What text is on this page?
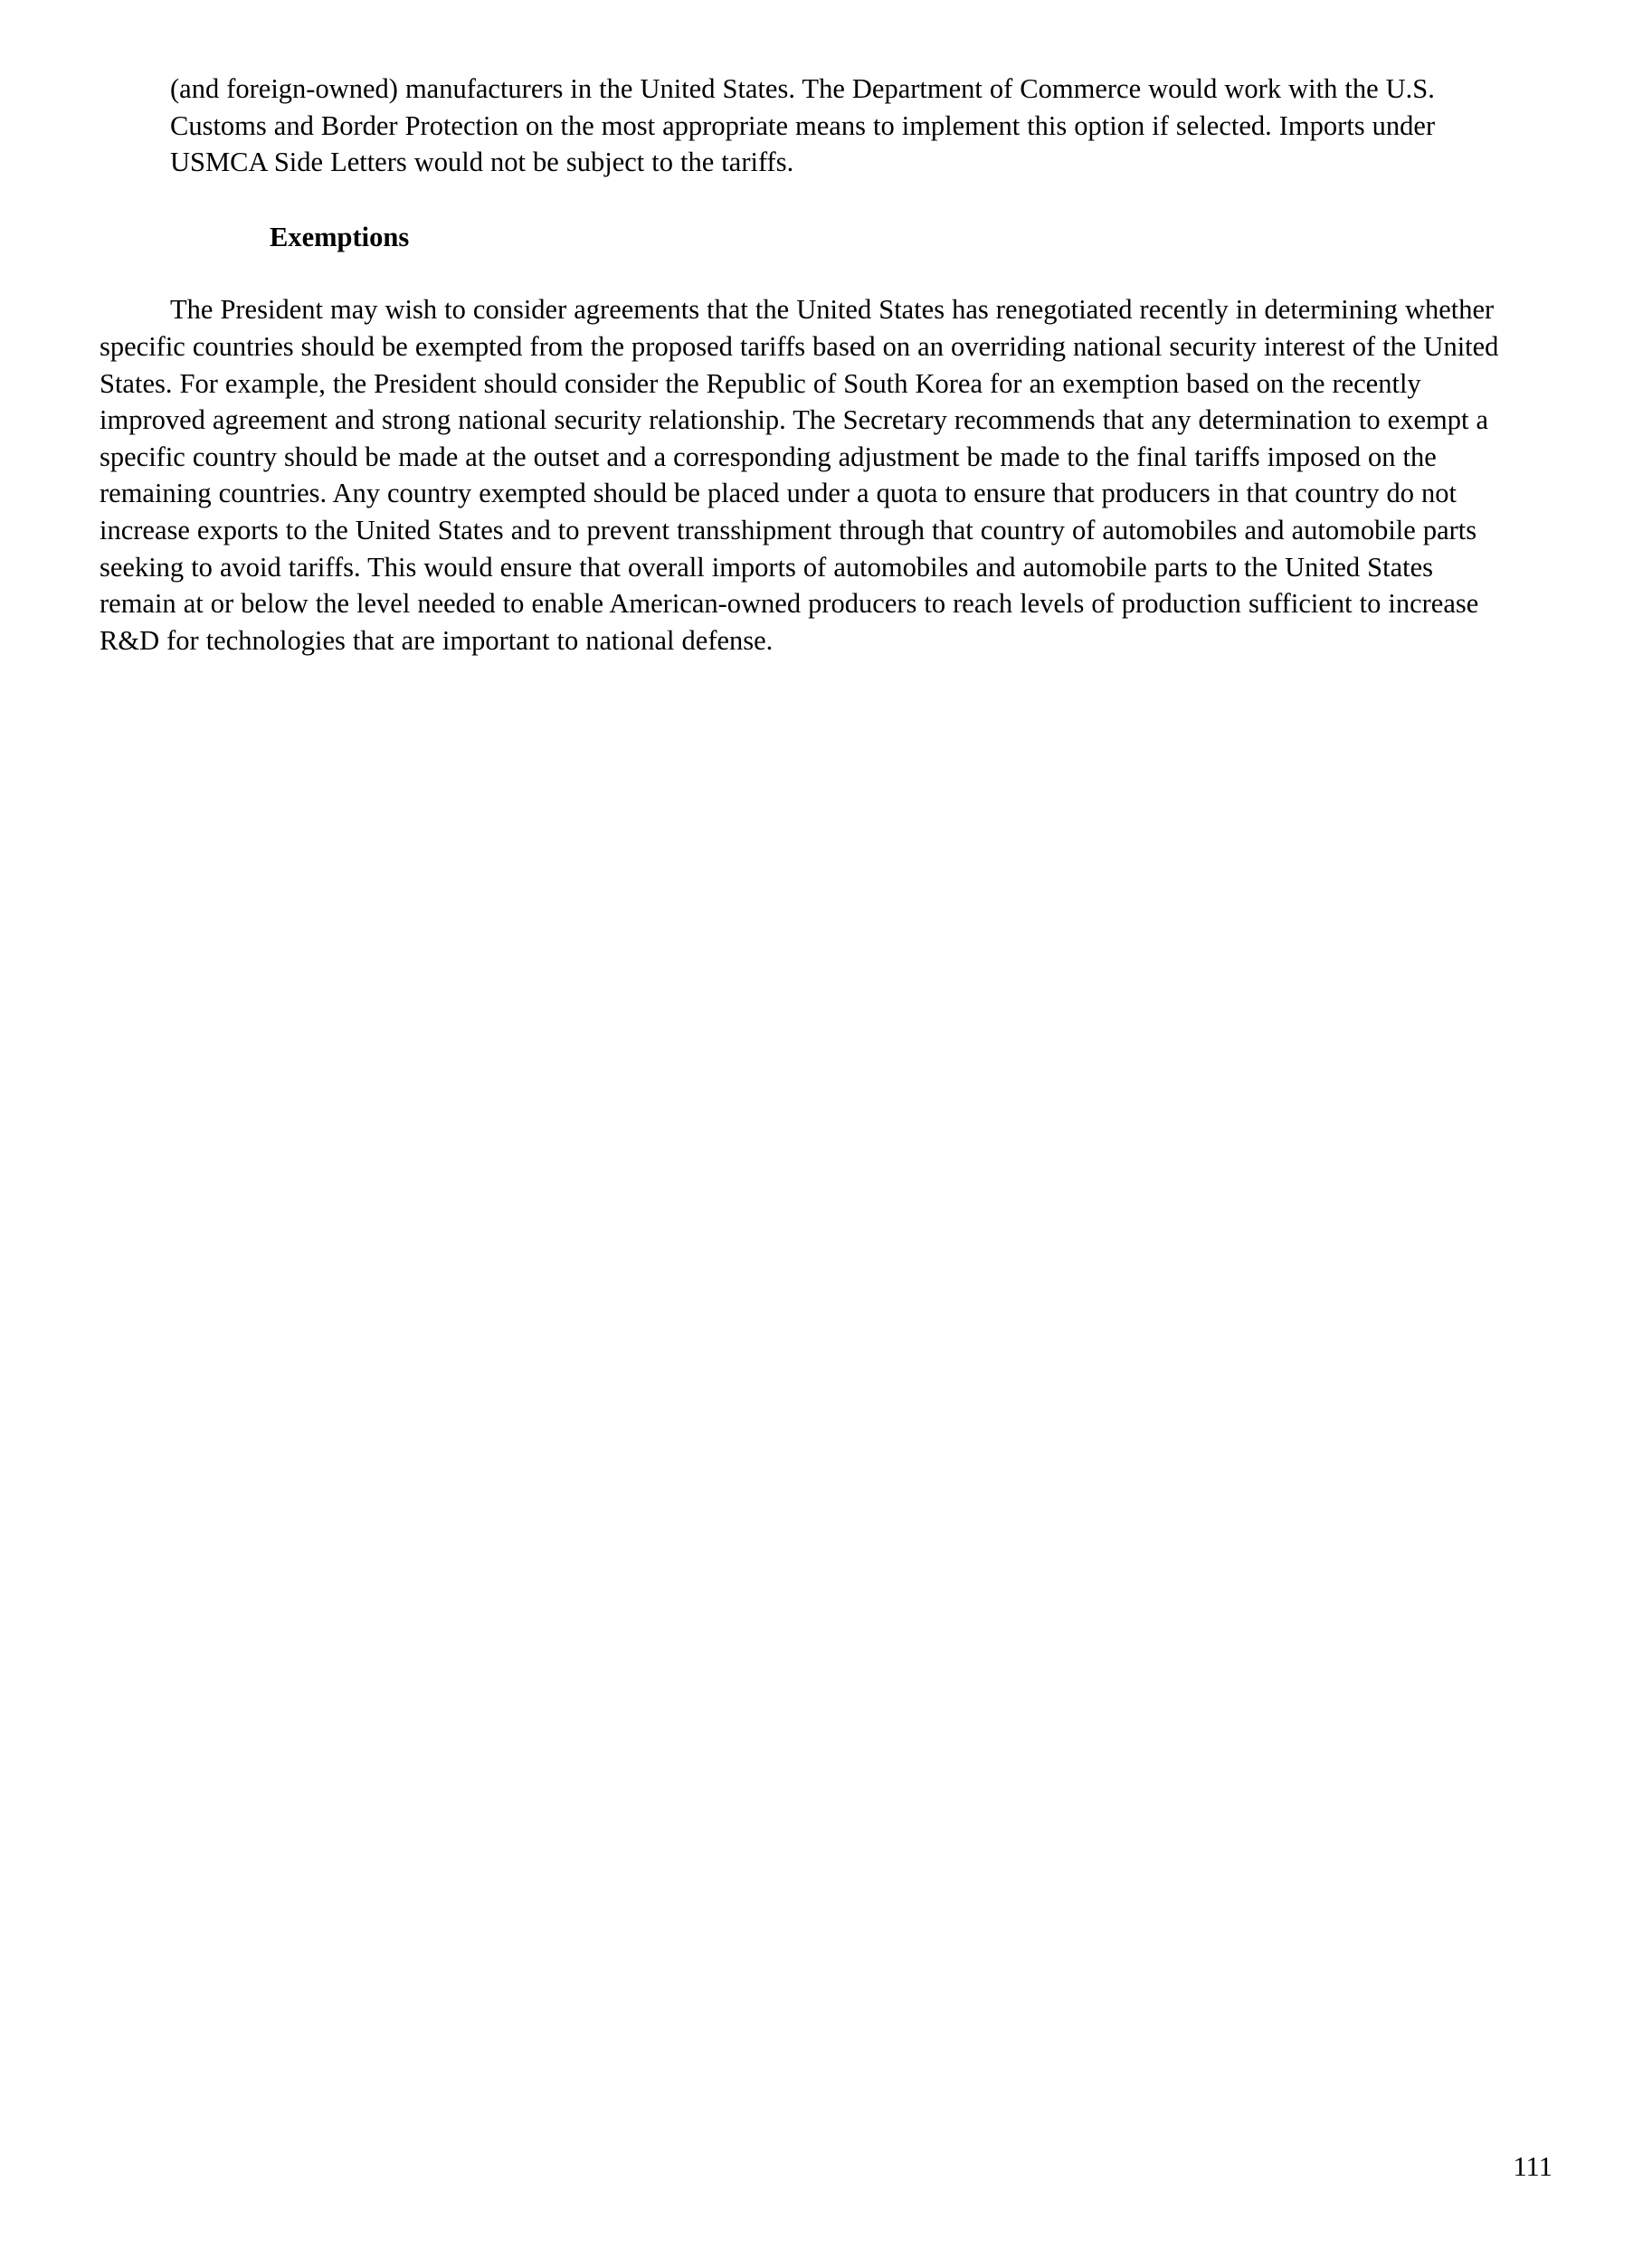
(and foreign-owned) manufacturers in the United States. The Department of Commerce would work with the U.S. Customs and Border Protection on the most appropriate means to implement this option if selected. Imports under USMCA Side Letters would not be subject to the tariffs.

Exemptions

The President may wish to consider agreements that the United States has renegotiated recently in determining whether specific countries should be exempted from the proposed tariffs based on an overriding national security interest of the United States. For example, the President should consider the Republic of South Korea for an exemption based on the recently improved agreement and strong national security relationship. The Secretary recommends that any determination to exempt a specific country should be made at the outset and a corresponding adjustment be made to the final tariffs imposed on the remaining countries. Any country exempted should be placed under a quota to ensure that producers in that country do not increase exports to the United States and to prevent transshipment through that country of automobiles and automobile parts seeking to avoid tariffs. This would ensure that overall imports of automobiles and automobile parts to the United States remain at or below the level needed to enable American-owned producers to reach levels of production sufficient to increase R&D for technologies that are important to national defense.

111
